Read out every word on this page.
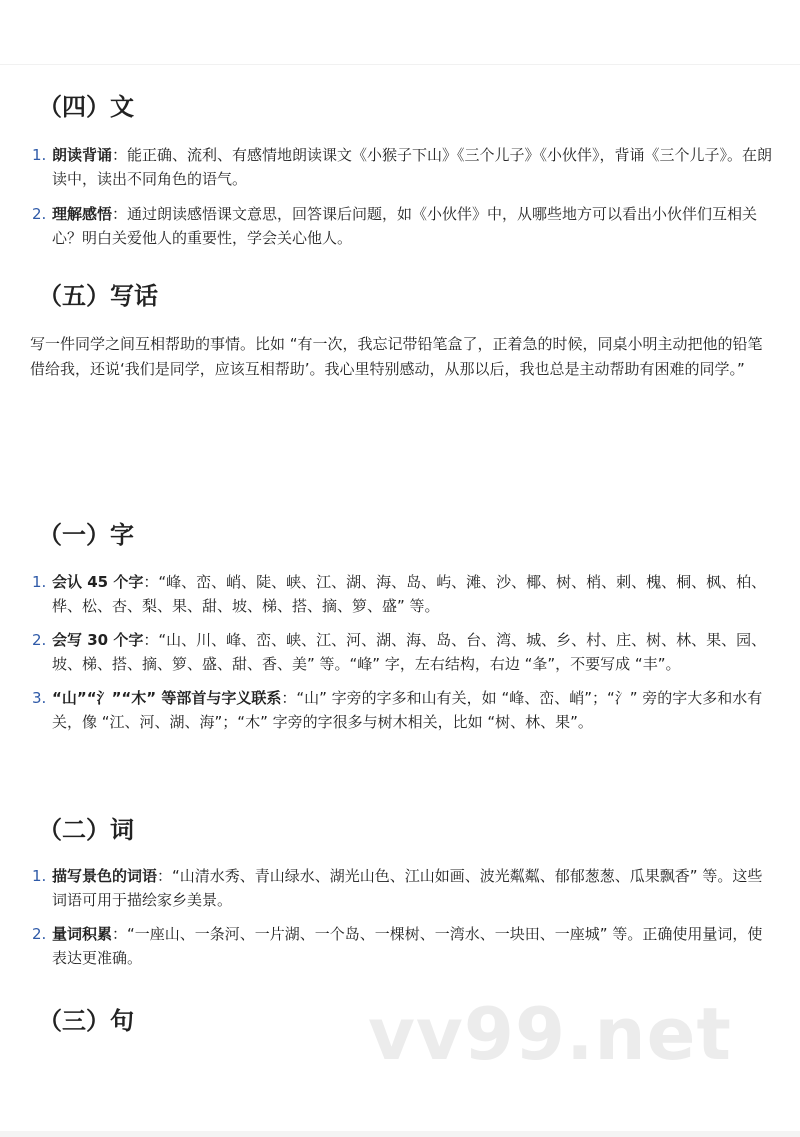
（四）文
1. 朗读背诵：能正确、流利、有感情地朗读课文《小猴子下山》《三个儿子》《小伙伴》，背诵《三个儿子》。在朗读中，读出不同角色的语气。
2. 理解感悟：通过朗读感悟课文意思，回答课后问题，如《小伙伴》中，从哪些地方可以看出小伙伴们互相关心？明白关爱他人的重要性，学会关心他人。
（五）写话

写一件同学之间互相帮助的事情。比如 “有一次，我忘记带铅笔盒了，正着急的时候，同桌小明主动把他的铅笔借给我，还说‘我们是同学，应该互相帮助’。我心里特别感动，从那以后，我也总是主动帮助有困难的同学。”

（一）字
1. 会认 45 个字：“峰、峦、峭、陡、峡、江、湖、海、岛、屿、滩、沙、椰、树、梢、刺、槐、桐、枫、柏、桦、松、杏、梨、果、甜、坡、梯、搭、摘、箩、盛” 等。
2. 会写 30 个字：“山、川、峰、峦、峡、江、河、湖、海、岛、台、湾、城、乡、村、庄、树、林、果、园、坡、梯、搭、摘、箩、盛、甜、香、美” 等。“峰” 字，左右结构，右边 “夆”，不要写成 “丰”。
3. “山”“氵”“木” 等部首与字义联系：“山” 字旁的字多和山有关，如 “峰、峦、峭”；“氵” 旁的字大多和水有关，像 “江、河、湖、海”；“木” 字旁的字很多与树木相关，比如 “树、林、果”。
（二）词
1. 描写景色的词语：“山清水秀、青山绿水、湖光山色、江山如画、波光粼粼、郁郁葱葱、瓜果飘香” 等。这些词语可用于描绘家乡美景。
2. 量词积累：“一座山、一条河、一片湖、一个岛、一棵树、一湾水、一块田、一座城” 等。正确使用量词，使表达更准确。
（三）句	vv99.net
